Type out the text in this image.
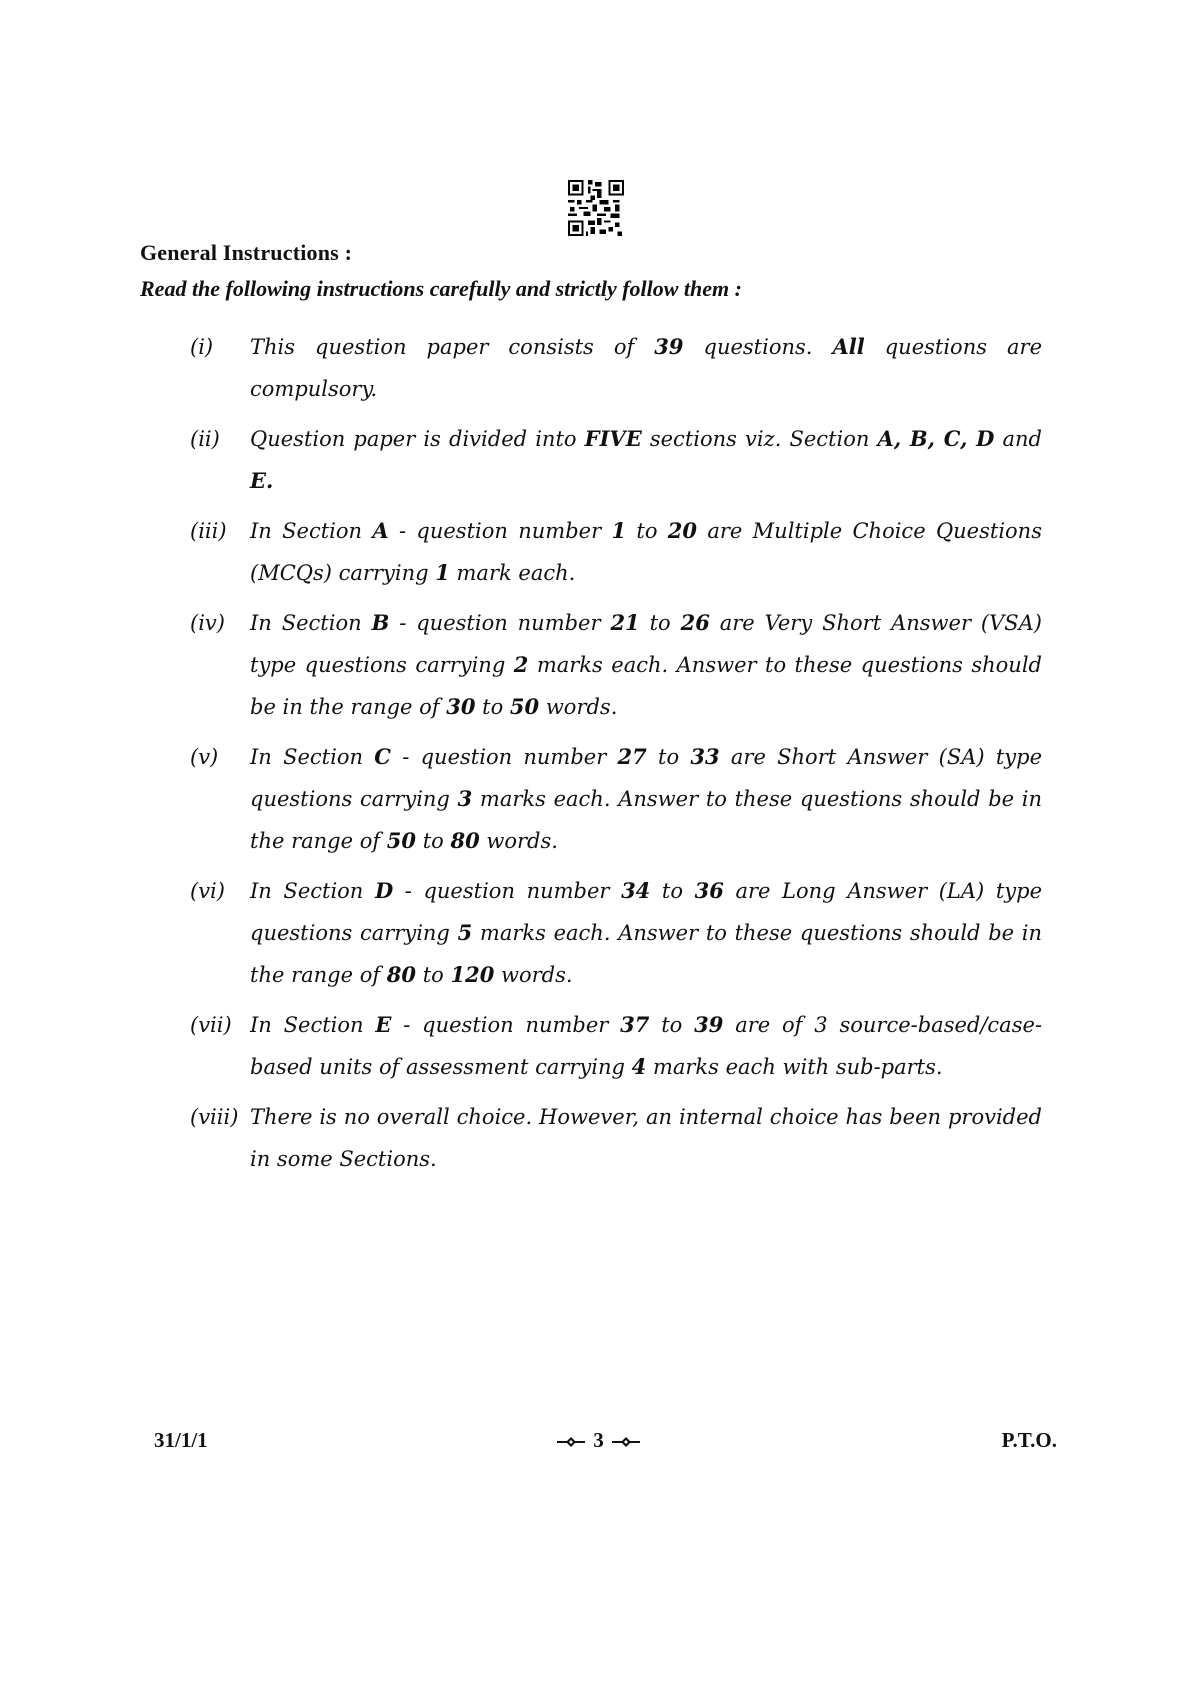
General Instructions :
Read the following instructions carefully and strictly follow them :
(i)	This question paper consists of 39 questions. All questions are compulsory.
(ii)	Question paper is divided into FIVE sections viz. Section A, B, C, D and E.
(iii)	In Section A - question number 1 to 20 are Multiple Choice Questions (MCQs) carrying 1 mark each.
(iv)	In Section B - question number 21 to 26 are Very Short Answer (VSA) type questions carrying 2 marks each. Answer to these questions should be in the range of 30 to 50 words.
(v)	In Section C - question number 27 to 33 are Short Answer (SA) type questions carrying 3 marks each. Answer to these questions should be in the range of 50 to 80 words.
(vi)	In Section D - question number 34 to 36 are Long Answer (LA) type questions carrying 5 marks each. Answer to these questions should be in the range of 80 to 120 words.
(vii) In Section E - question number 37 to 39 are of 3 source-based/case-based units of assessment carrying 4 marks each with sub-parts.
(viii) There is no overall choice. However, an internal choice has been provided in some Sections.
31/1/1	3	P.T.O.
